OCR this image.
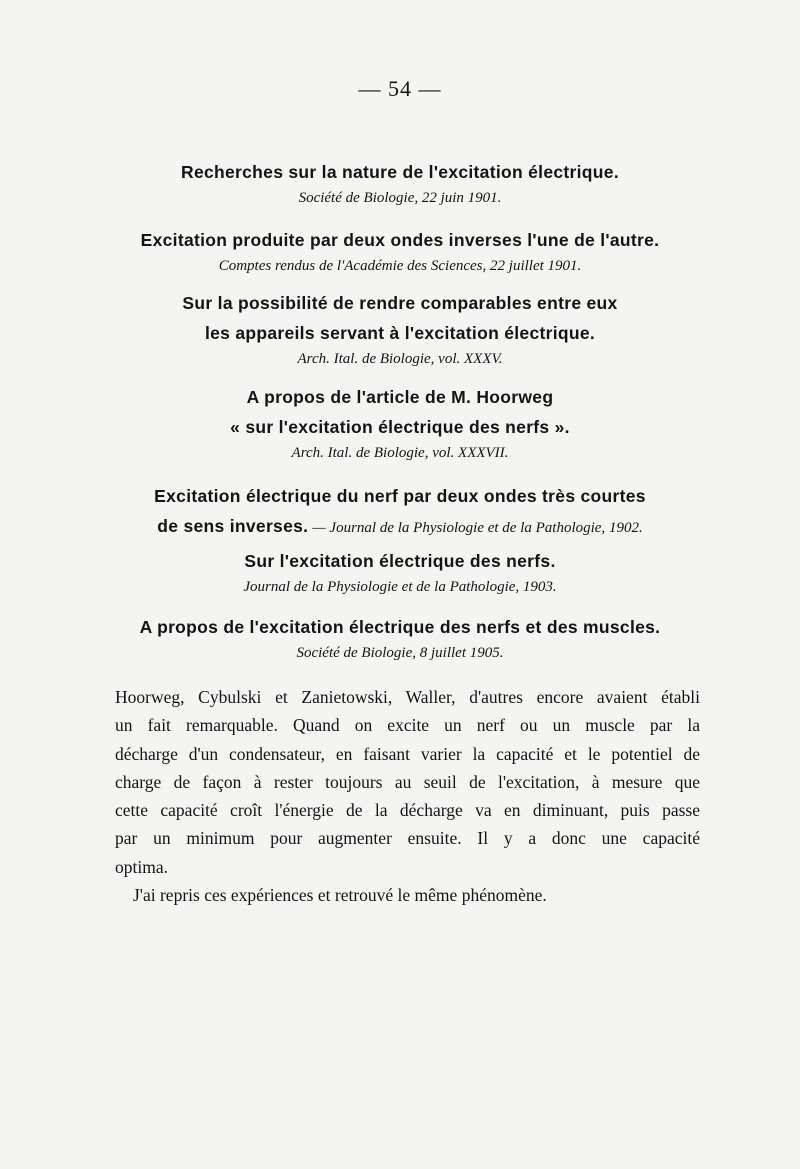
— 54 —
Recherches sur la nature de l'excitation électrique.
Société de Biologie, 22 juin 1901.
Excitation produite par deux ondes inverses l'une de l'autre.
Comptes rendus de l'Académie des Sciences, 22 juillet 1901.
Sur la possibilité de rendre comparables entre eux
les appareils servant à l'excitation électrique.
Arch. Ital. de Biologie, vol. XXXV.
A propos de l'article de M. Hoorweg
« sur l'excitation électrique des nerfs ».
Arch. Ital. de Biologie, vol. XXXVII.
Excitation électrique du nerf par deux ondes très courtes
de sens inverses. — Journal de la Physiologie et de la Pathologie, 1902.
Sur l'excitation électrique des nerfs.
Journal de la Physiologie et de la Pathologie, 1903.
A propos de l'excitation électrique des nerfs et des muscles.
Société de Biologie, 8 juillet 1905.

Hoorweg, Cybulski et Zanietowski, Waller, d'autres encore avaient établi
un fait remarquable. Quand on excite un nerf ou un muscle par la
décharge d'un condensateur, en faisant varier la capacité et le potentiel de
charge de façon à rester toujours au seuil de l'excitation, à mesure que
cette capacité croît l'énergie de la décharge va en diminuant, puis passe
par un minimum pour augmenter ensuite. Il y a donc une capacité
optima.

J'ai repris ces expériences et retrouvé le même phénomène.
